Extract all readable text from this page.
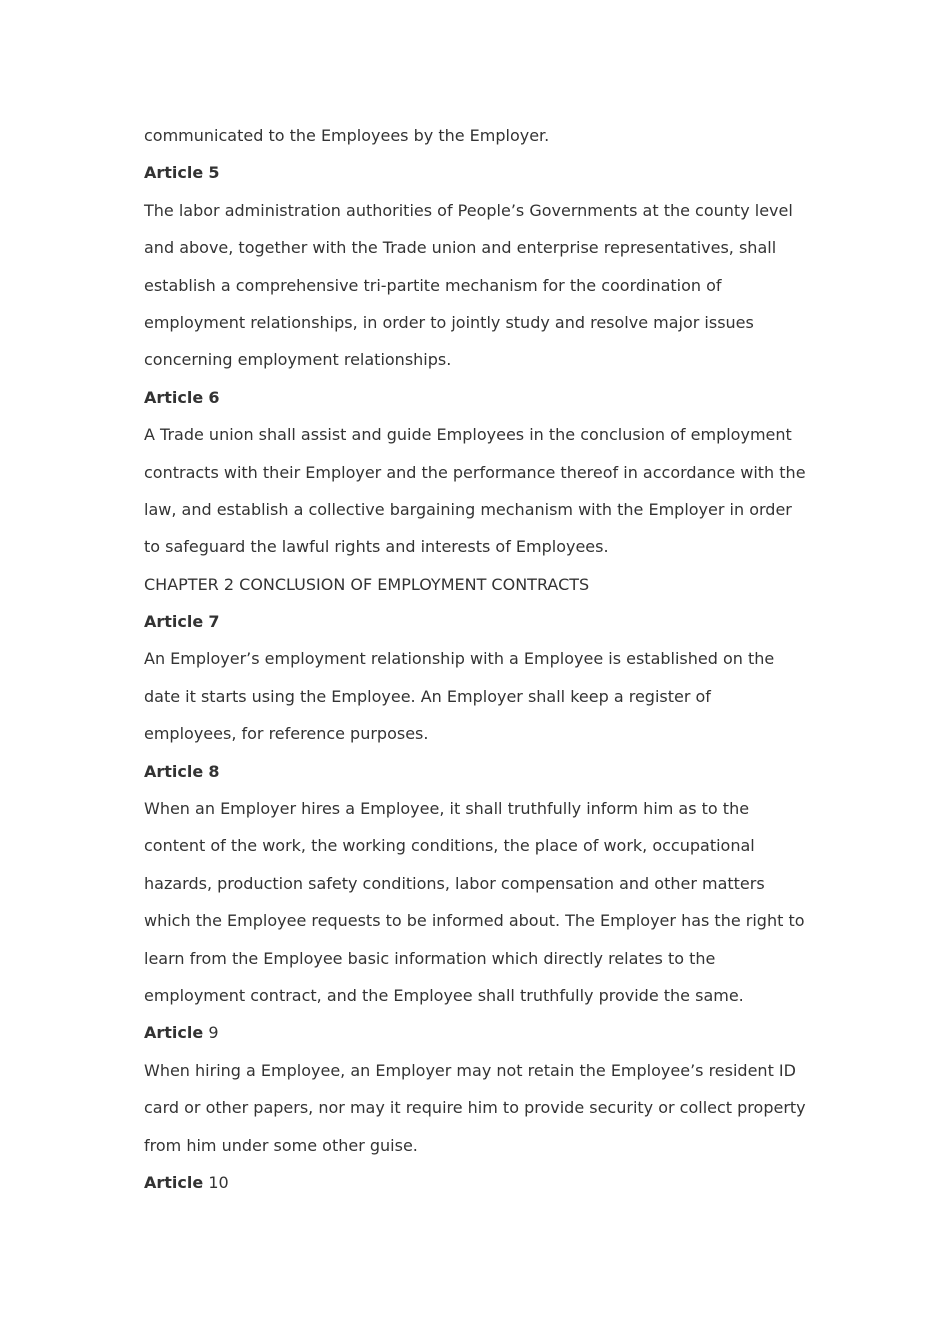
communicated to the Employees by the Employer.
Article 5
The labor administration authorities of People’s Governments at the county level
and above, together with the Trade union and enterprise representatives, shall
establish a comprehensive tri-partite mechanism for the coordination of
employment relationships, in order to jointly study and resolve major issues
concerning employment relationships.
Article 6
A Trade union shall assist and guide Employees in the conclusion of employment
contracts with their Employer and the performance thereof in accordance with the
law, and establish a collective bargaining mechanism with the Employer in order
to safeguard the lawful rights and interests of Employees.
CHAPTER 2 CONCLUSION OF EMPLOYMENT CONTRACTS
Article 7
An Employer’s employment relationship with a Employee is established on the
date it starts using the Employee. An Employer shall keep a register of
employees, for reference purposes.
Article 8
When an Employer hires a Employee, it shall truthfully inform him as to the
content of the work, the working conditions, the place of work, occupational
hazards, production safety conditions, labor compensation and other matters
which the Employee requests to be informed about. The Employer has the right to
learn from the Employee basic information which directly relates to the
employment contract, and the Employee shall truthfully provide the same.
Article 9
When hiring a Employee, an Employer may not retain the Employee’s resident ID
card or other papers, nor may it require him to provide security or collect property
from him under some other guise.
Article 10
